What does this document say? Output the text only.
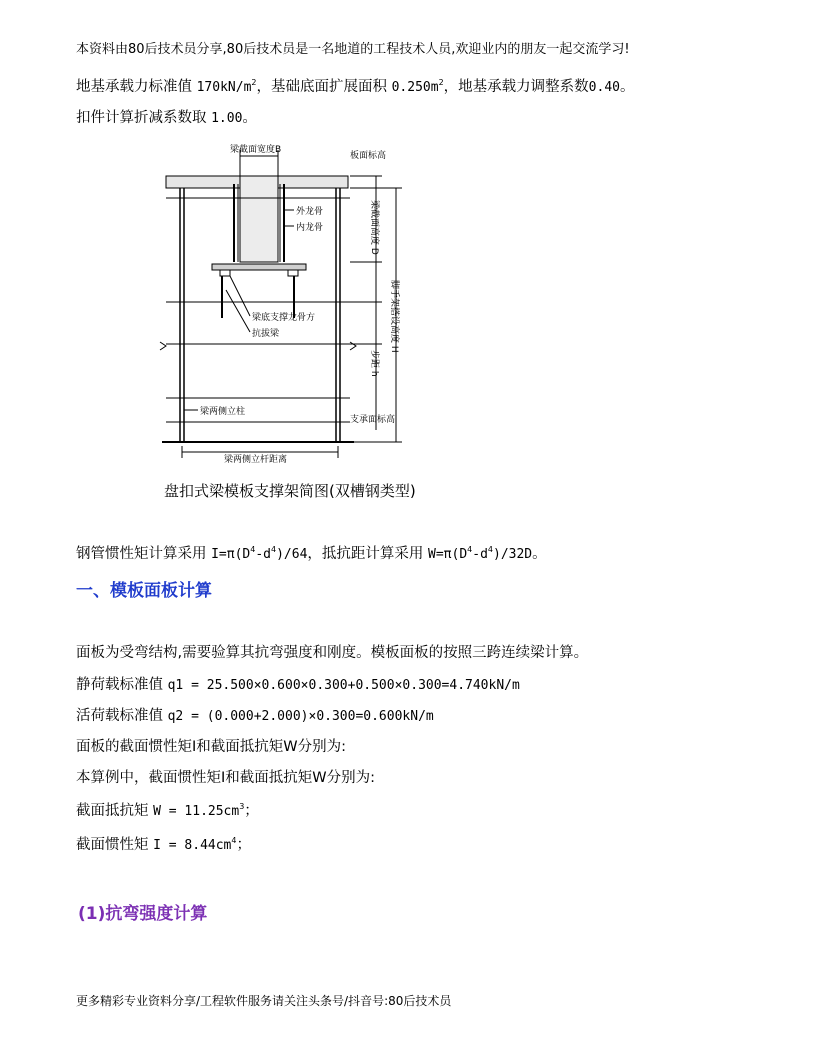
本资料由80后技术员分享,80后技术员是一名地道的工程技术人员,欢迎业内的朋友一起交流学习!
地基承载力标准值 $170kN/m^2$，基础底面扩展面积 $0.250m^2$，地基承载力调整系数0.40。
扣件计算折减系数取 1.00。
梁截面宽度B
板面标高
外龙骨
内龙骨
梁底支撑龙骨方
抗拔梁
梁两侧立柱
支承面标高
梁两侧立杆距离
梁截面高度 D
脚手架搭设高度 H
步距 h
盘扣式梁模板支撑架简图(双槽钢类型)
钢管惯性矩计算采用 $I=\pi(D^4-d^4)/64$，抵抗距计算采用 $W=\pi(D^4-d^4)/32D$。
一、模板面板计算
面板为受弯结构,需要验算其抗弯强度和刚度。模板面板的按照三跨连续梁计算。
静荷载标准值 q1 = 25.500×0.600×0.300+0.500×0.300=4.740kN/m
活荷载标准值 q2 = (0.000+2.000)×0.300=0.600kN/m
面板的截面惯性矩I和截面抵抗矩W分别为:
本算例中，截面惯性矩I和截面抵抗矩W分别为:
截面抵抗矩 $W = 11.25cm^3$；
截面惯性矩 $I = 8.44cm^4$；
(1)抗弯强度计算
更多精彩专业资料分享/工程软件服务请关注头条号/抖音号:80后技术员
